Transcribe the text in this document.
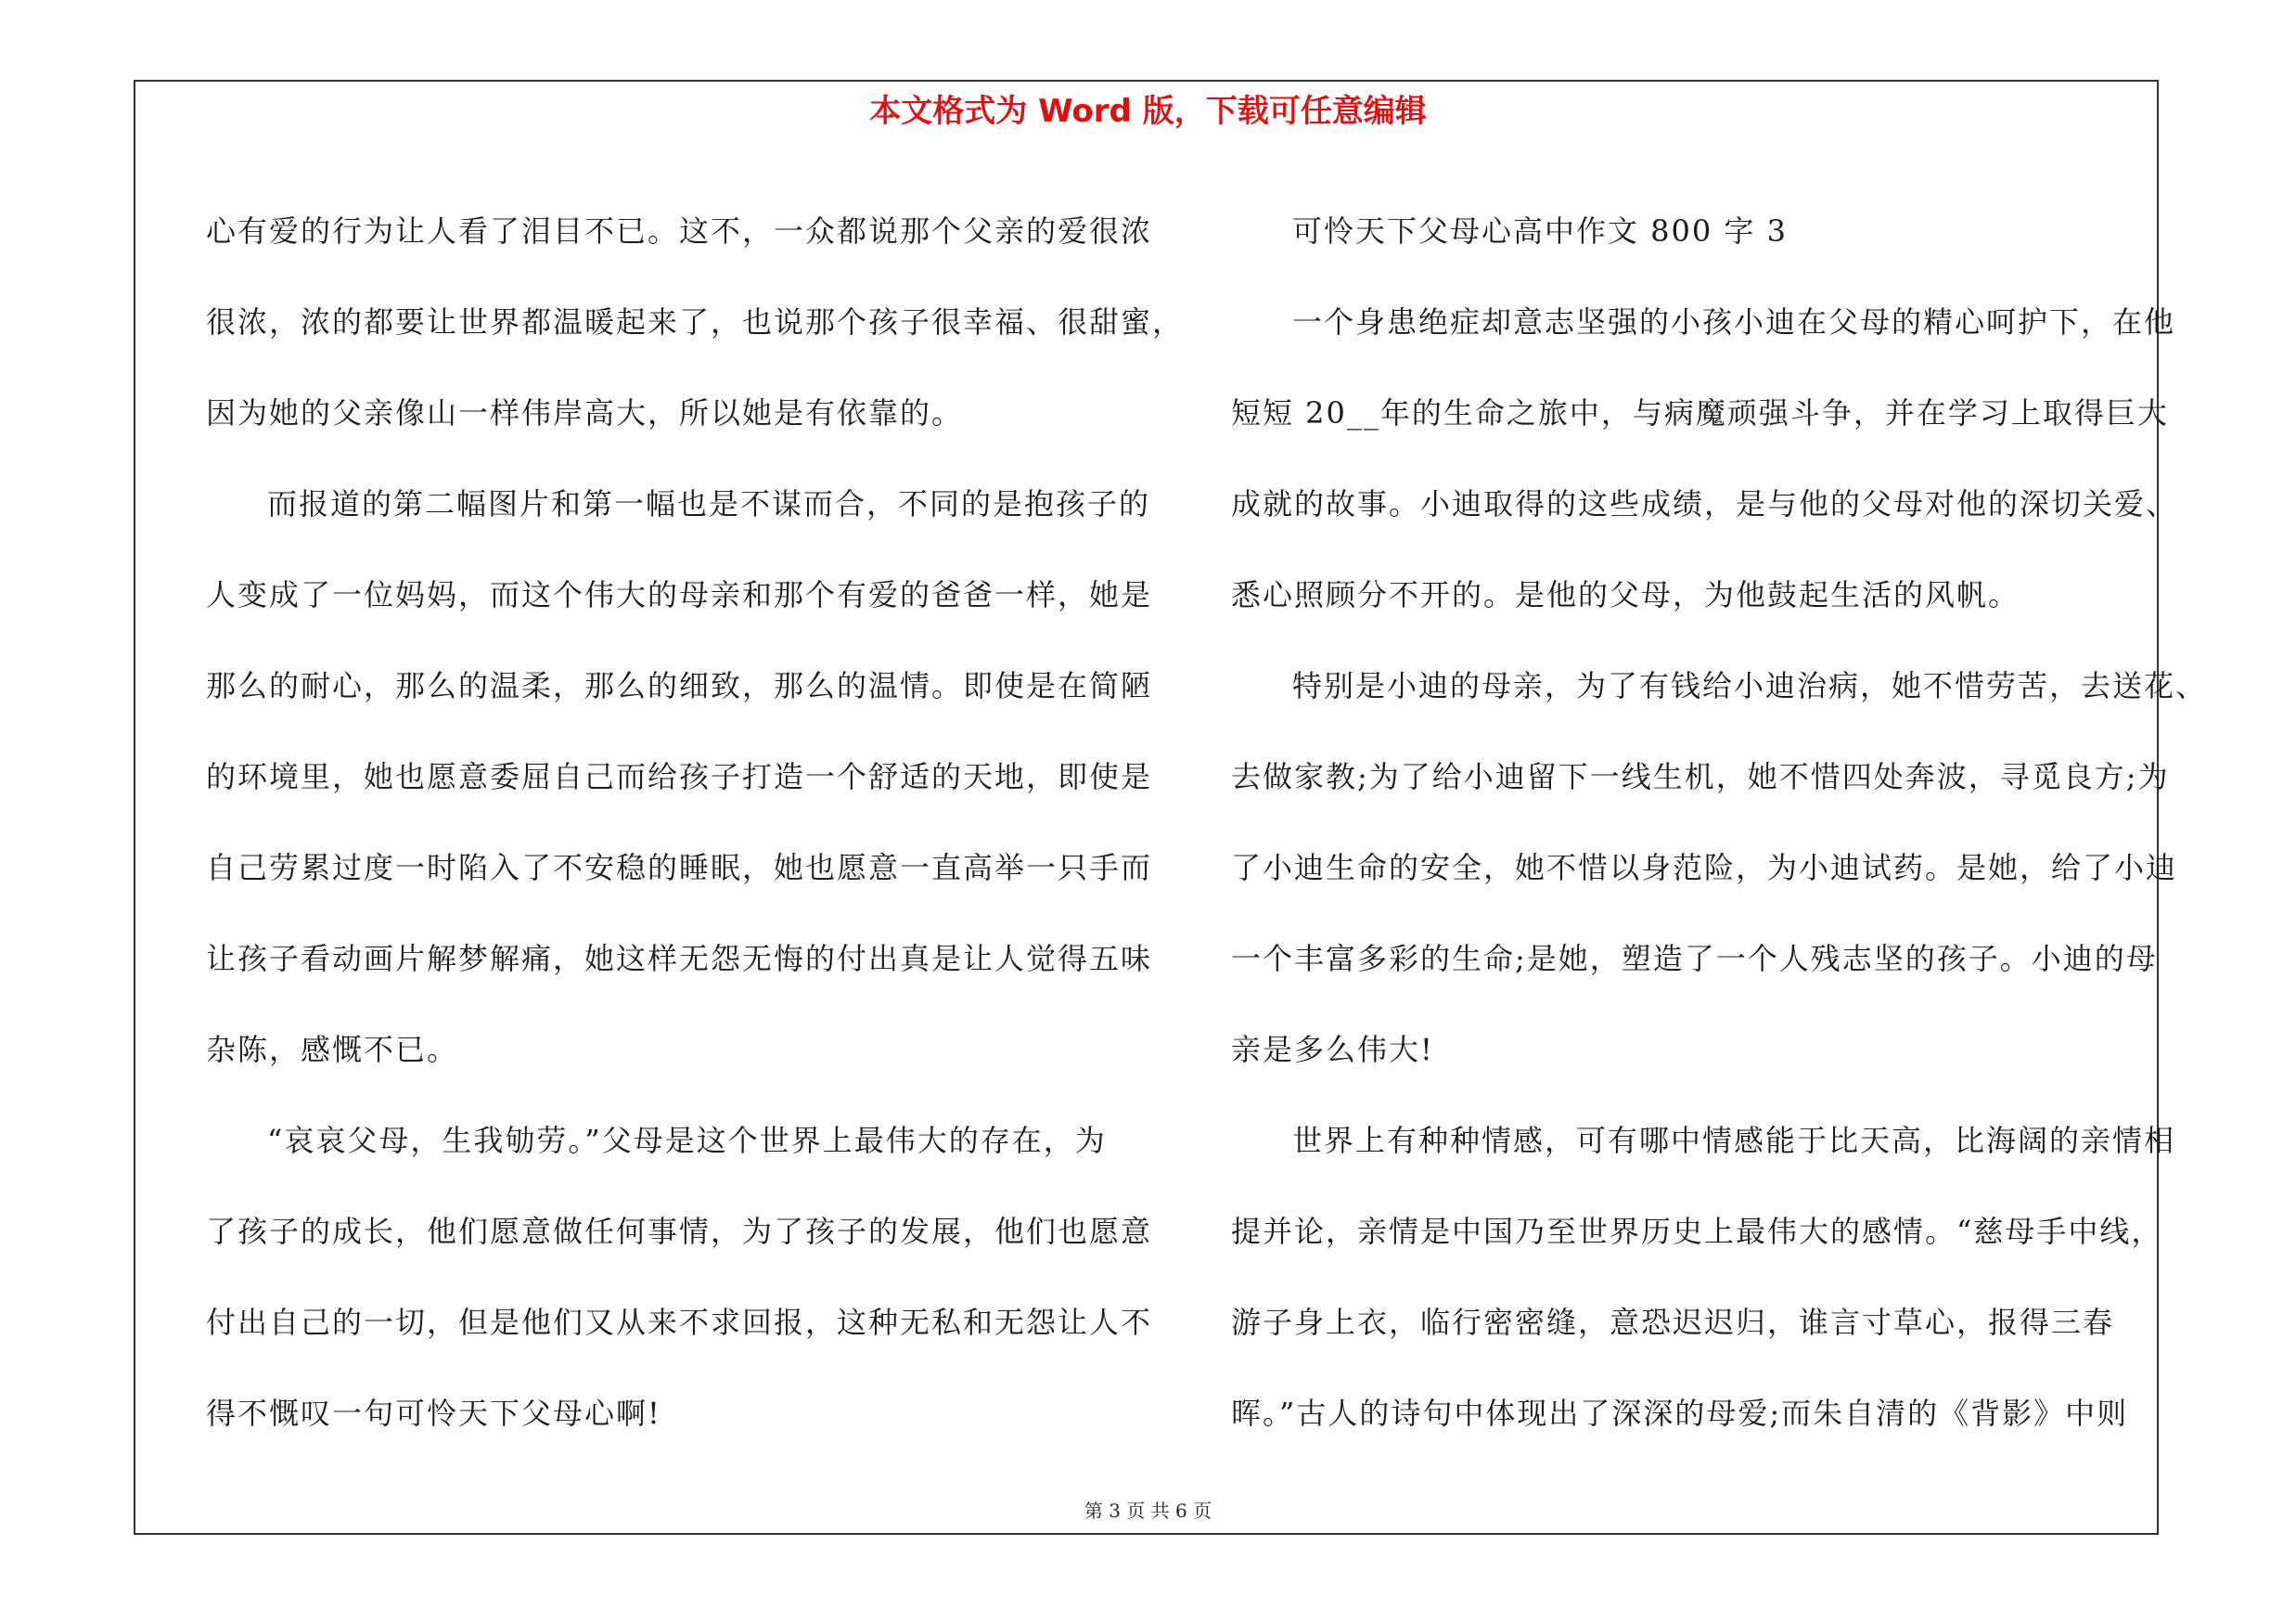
本文格式为 Word 版，下载可任意编辑
心有爱的行为让人看了泪目不已。这不，一众都说那个父亲的爱很浓
很浓，浓的都要让世界都温暖起来了，也说那个孩子很幸福、很甜蜜，
因为她的父亲像山一样伟岸高大，所以她是有依靠的。
而报道的第二幅图片和第一幅也是不谋而合，不同的是抱孩子的
人变成了一位妈妈，而这个伟大的母亲和那个有爱的爸爸一样，她是
那么的耐心，那么的温柔，那么的细致，那么的温情。即使是在简陋
的环境里，她也愿意委屈自己而给孩子打造一个舒适的天地，即使是
自己劳累过度一时陷入了不安稳的睡眠，她也愿意一直高举一只手而
让孩子看动画片解梦解痛，她这样无怨无悔的付出真是让人觉得五味
杂陈，感慨不已。
“哀哀父母，生我劬劳。”父母是这个世界上最伟大的存在，为
了孩子的成长，他们愿意做任何事情，为了孩子的发展，他们也愿意
付出自己的一切，但是他们又从来不求回报，这种无私和无怨让人不
得不慨叹一句可怜天下父母心啊!
可怜天下父母心高中作文 800 字 3
一个身患绝症却意志坚强的小孩小迪在父母的精心呵护下，在他
短短 20__年的生命之旅中，与病魔顽强斗争，并在学习上取得巨大
成就的故事。小迪取得的这些成绩，是与他的父母对他的深切关爱、
悉心照顾分不开的。是他的父母，为他鼓起生活的风帆。
特别是小迪的母亲，为了有钱给小迪治病，她不惜劳苦，去送花、
去做家教;为了给小迪留下一线生机，她不惜四处奔波，寻觅良方;为
了小迪生命的安全，她不惜以身范险，为小迪试药。是她，给了小迪
一个丰富多彩的生命;是她，塑造了一个人残志坚的孩子。小迪的母
亲是多么伟大!
世界上有种种情感，可有哪中情感能于比天高，比海阔的亲情相
提并论，亲情是中国乃至世界历史上最伟大的感情。“慈母手中线，
游子身上衣，临行密密缝，意恐迟迟归，谁言寸草心，报得三春
晖。”古人的诗句中体现出了深深的母爱;而朱自清的《背影》中则
第 3 页 共 6 页
